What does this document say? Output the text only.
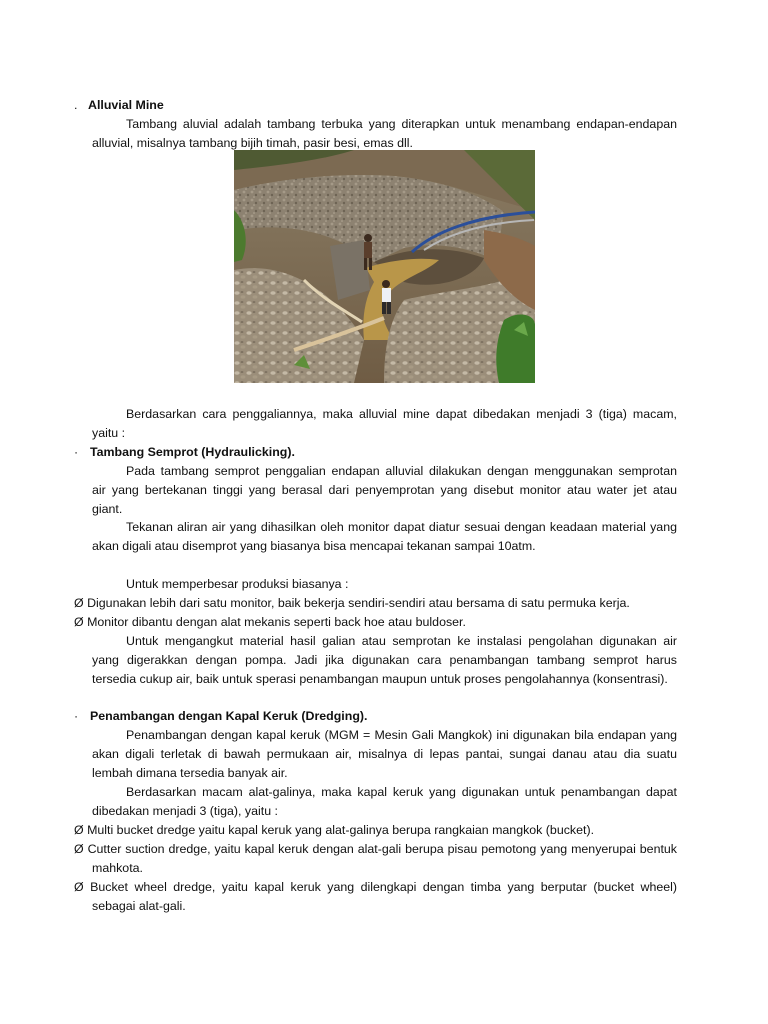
. Alluvial Mine
Tambang aluvial adalah tambang terbuka yang diterapkan untuk menambang endapan-endapan
alluvial, misalnya tambang bijih timah, pasir besi, emas dll.
Berdasarkan cara penggaliannya, maka alluvial mine dapat dibedakan menjadi 3 (tiga) macam,
yaitu :
· Tambang Semprot (Hydraulicking).
Pada tambang semprot penggalian endapan alluvial dilakukan dengan menggunakan semprotan
air yang bertekanan tinggi yang berasal dari penyemprotan yang disebut monitor atau water jet atau
giant.
Tekanan aliran air yang dihasilkan oleh monitor dapat diatur sesuai dengan keadaan material yang
akan digali atau disemprot yang biasanya bisa mencapai tekanan sampai 10atm.
Untuk memperbesar produksi biasanya :
Ø Digunakan lebih dari satu monitor, baik bekerja sendiri-sendiri atau bersama di satu permuka kerja.
Ø Monitor dibantu dengan alat mekanis seperti back hoe atau buldoser.
Untuk mengangkut material hasil galian atau semprotan ke instalasi pengolahan digunakan air
yang digerakkan dengan pompa. Jadi jika digunakan cara penambangan tambang semprot harus
tersedia cukup air, baik untuk sperasi penambangan maupun untuk proses pengolahannya (konsentrasi).
· Penambangan dengan Kapal Keruk (Dredging).
Penambangan dengan kapal keruk (MGM = Mesin Gali Mangkok) ini digunakan bila endapan yang
akan digali terletak di bawah permukaan air, misalnya di lepas pantai, sungai danau atau dia suatu
lembah dimana tersedia banyak air.
Berdasarkan macam alat-galinya, maka kapal keruk yang digunakan untuk penambangan dapat
dibedakan menjadi 3 (tiga), yaitu :
Ø Multi bucket dredge yaitu kapal keruk yang alat-galinya berupa rangkaian mangkok (bucket).
Ø Cutter suction dredge, yaitu kapal keruk dengan alat-gali berupa pisau pemotong yang menyerupai bentuk
mahkota.
Ø Bucket wheel dredge, yaitu kapal keruk yang dilengkapi dengan timba yang berputar (bucket wheel)
sebagai alat-gali.
